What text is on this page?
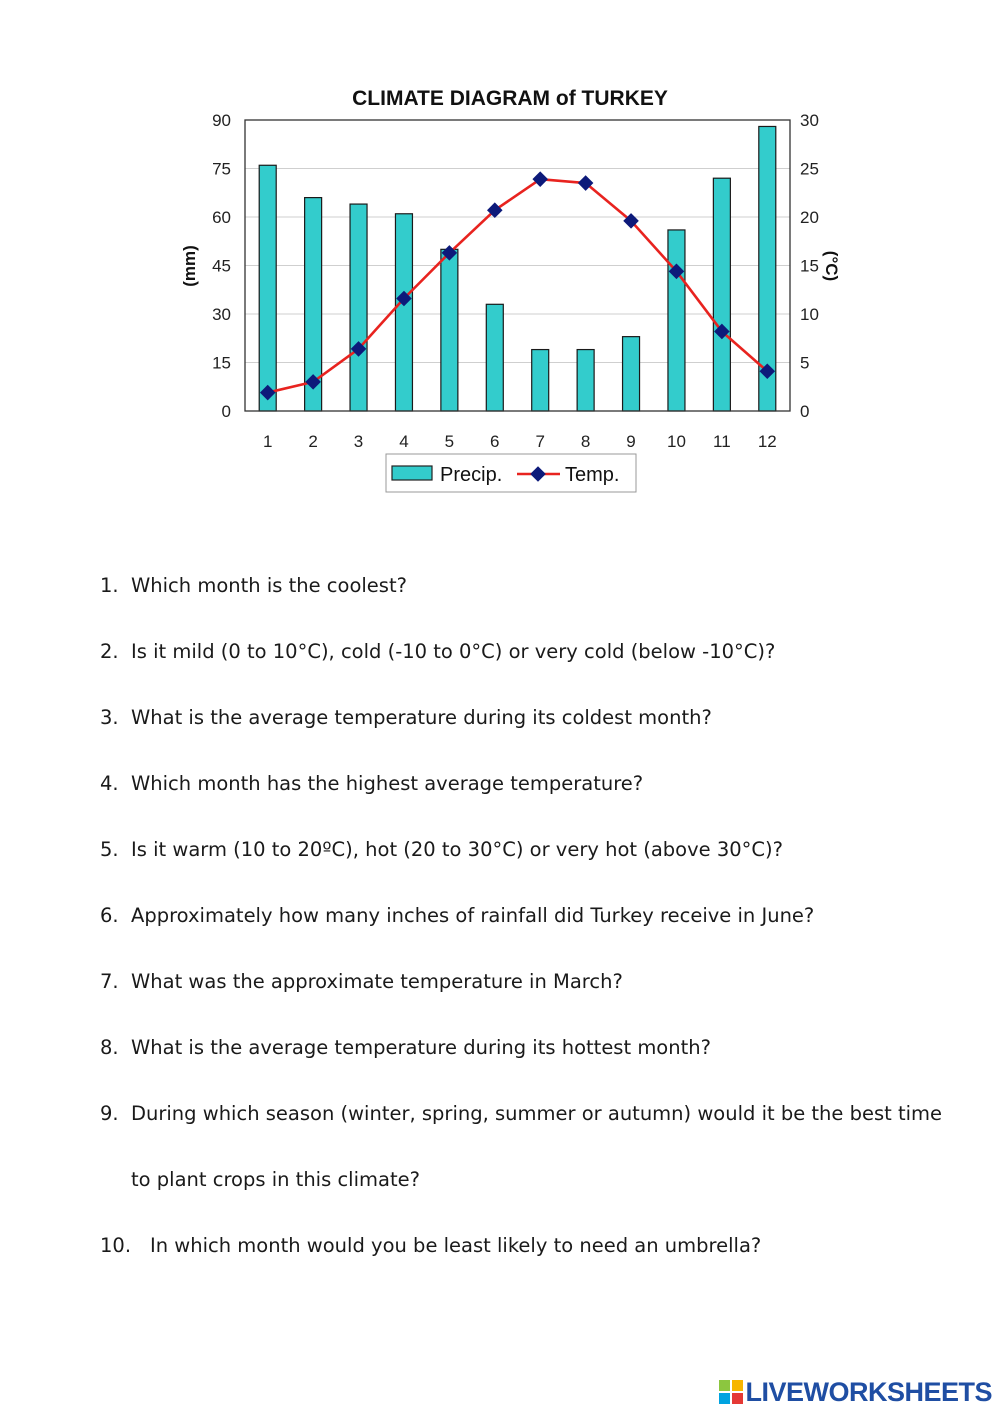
CLIMATE DIAGRAM of TURKEY
0
15
30
45
60
75
90
0
5
10
15
20
25
30
1 2 3 4 5 6 7 8 9 10 11 12
(mm)	(°C)
Precip.	Temp.
1. Which month is the coolest?
2. Is it mild (0 to 10°C), cold (-10 to 0°C) or very cold (below -10°C)?
3. What is the average temperature during its coldest month?
4. Which month has the highest average temperature?
5. Is it warm (10 to 20ºC), hot (20 to 30°C) or very hot (above 30°C)?
6. Approximately how many inches of rainfall did Turkey receive in June?
7. What was the approximate temperature in March?
8. What is the average temperature during its hottest month?
9. During which season (winter, spring, summer or autumn) would it be the best time
to plant crops in this climate?
10. In which month would you be least likely to need an umbrella?
LIVEWORKSHEETS
